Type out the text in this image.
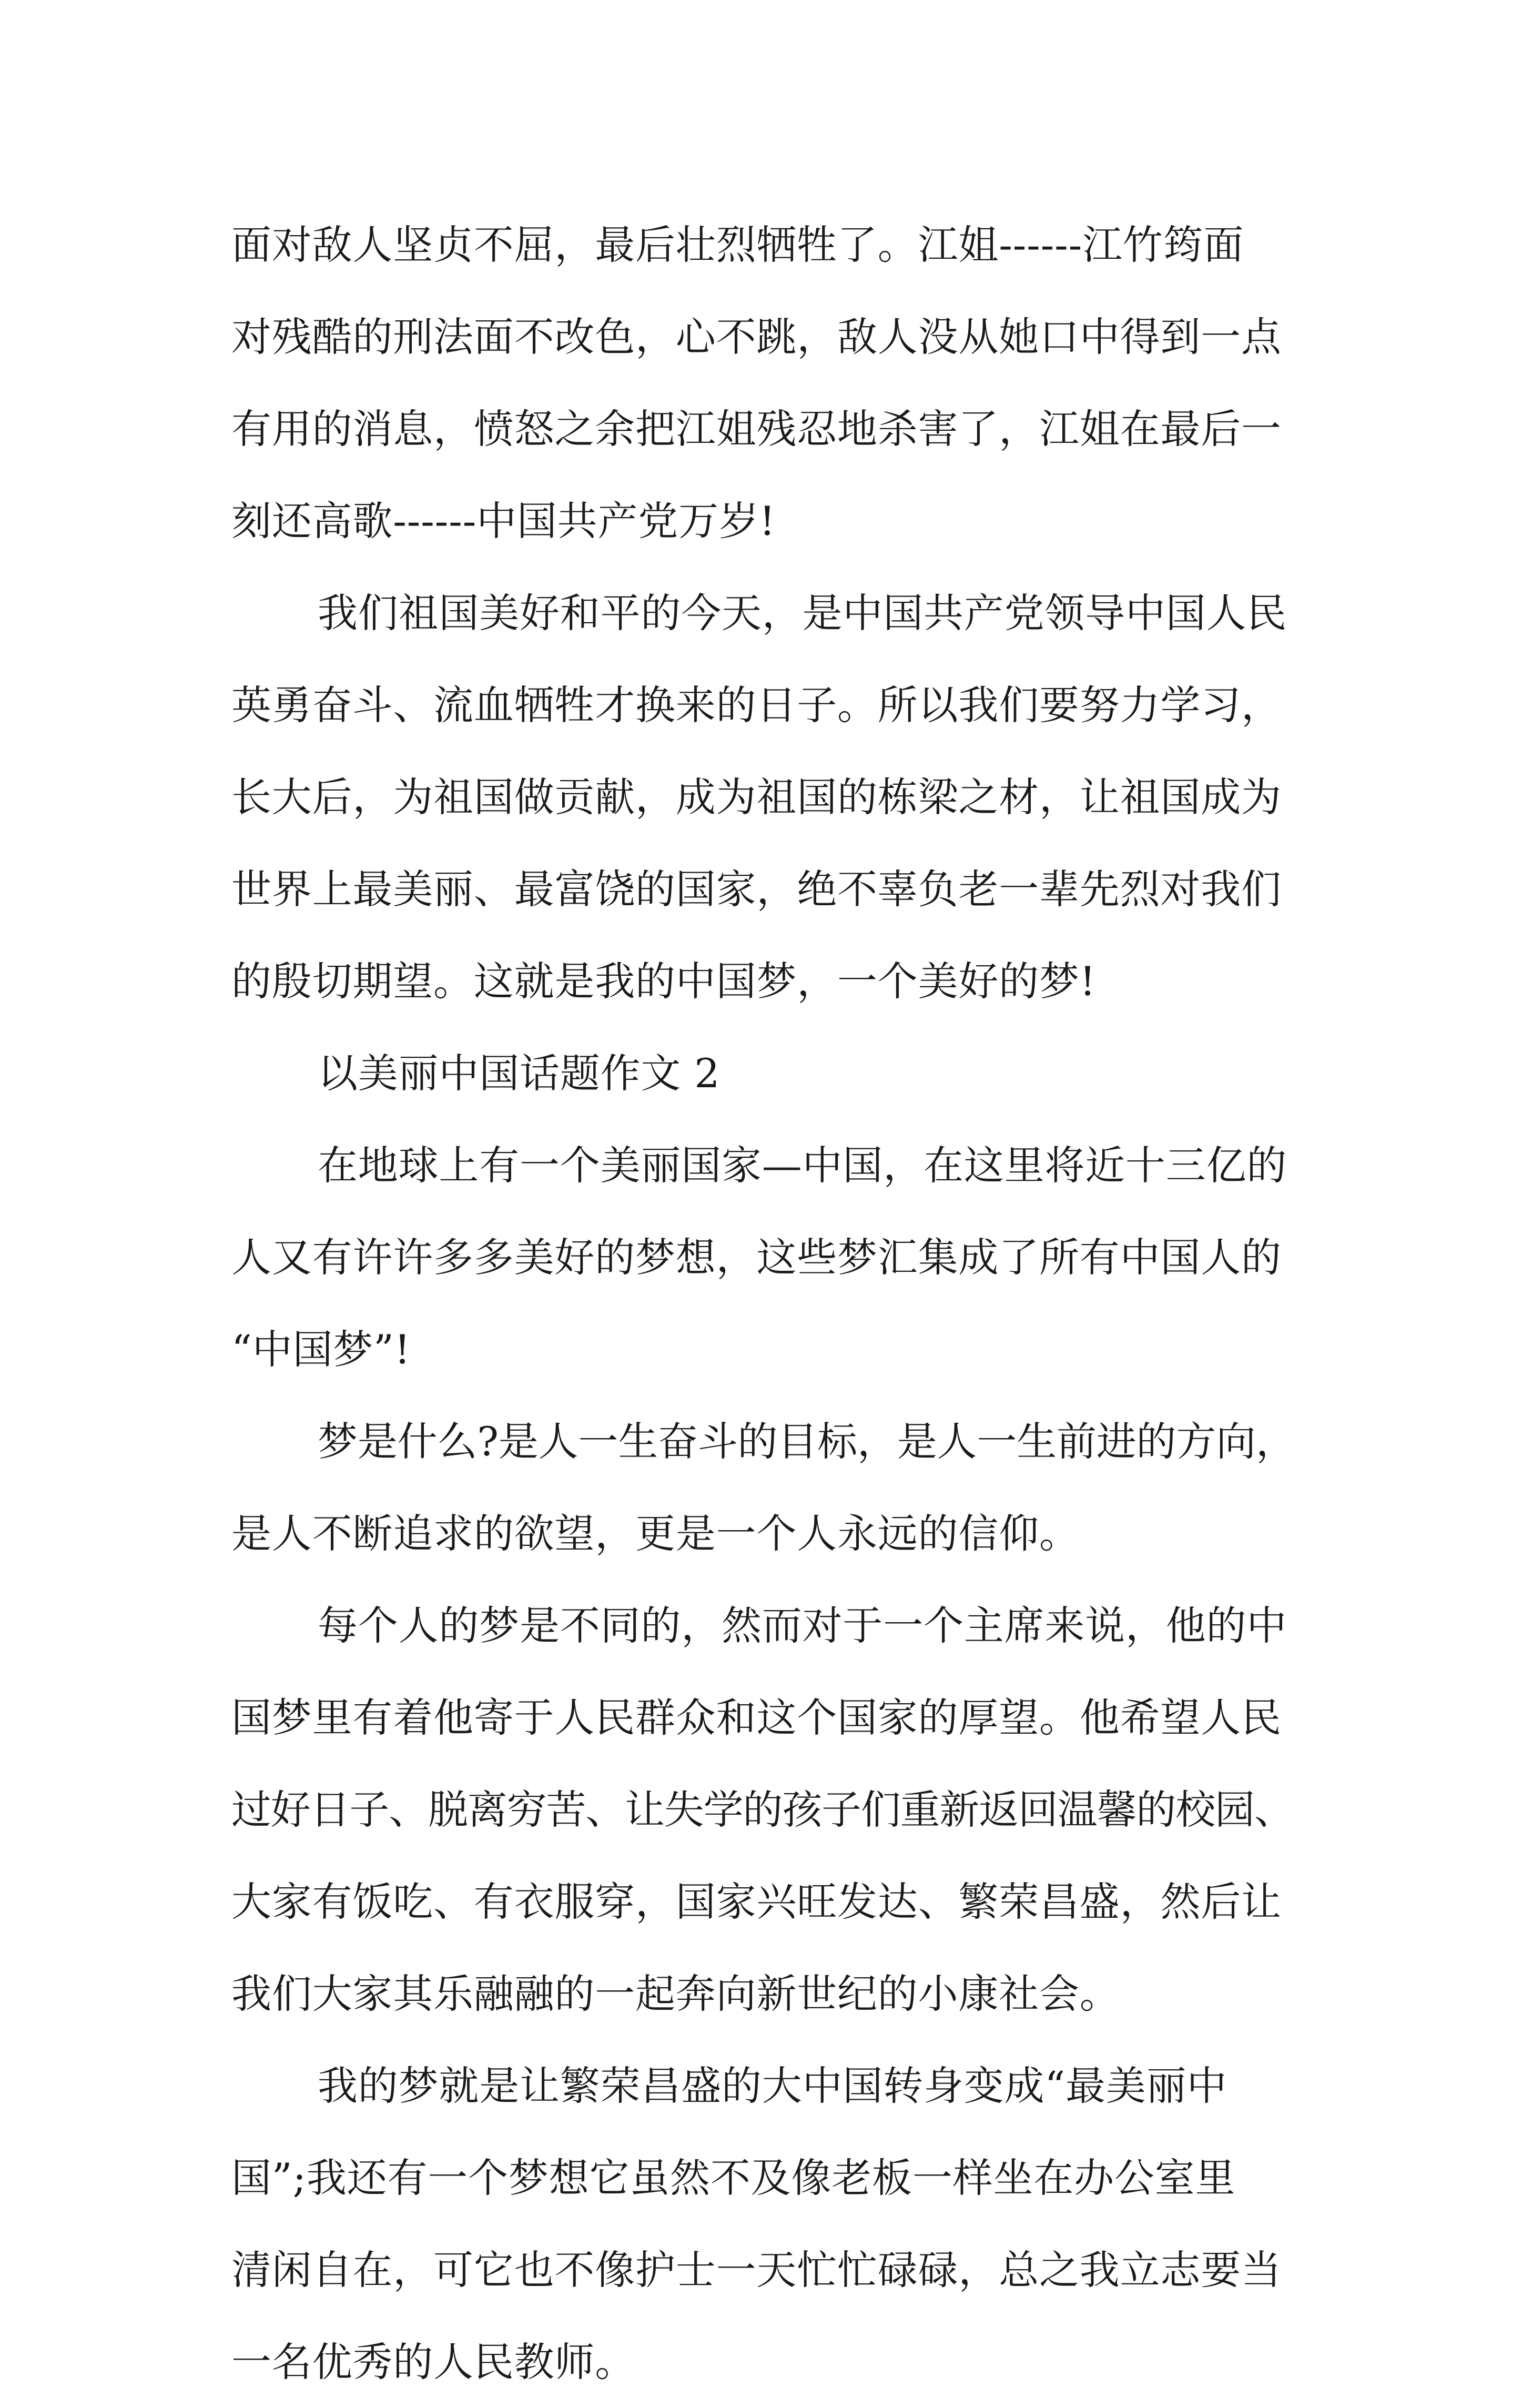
面对敌人坚贞不屈，最后壮烈牺牲了。江姐------江竹筠面
对残酷的刑法面不改色，心不跳，敌人没从她口中得到一点
有用的消息，愤怒之余把江姐残忍地杀害了，江姐在最后一
刻还高歌------中国共产党万岁!
我们祖国美好和平的今天，是中国共产党领导中国人民
英勇奋斗、流血牺牲才换来的日子。所以我们要努力学习，
长大后，为祖国做贡献，成为祖国的栋梁之材，让祖国成为
世界上最美丽、最富饶的国家，绝不辜负老一辈先烈对我们
的殷切期望。这就是我的中国梦，一个美好的梦!
以美丽中国话题作文 2
在地球上有一个美丽国家—中国，在这里将近十三亿的
人又有许许多多美好的梦想，这些梦汇集成了所有中国人的
“中国梦”!
梦是什么?是人一生奋斗的目标，是人一生前进的方向，
是人不断追求的欲望，更是一个人永远的信仰。
每个人的梦是不同的，然而对于一个主席来说，他的中
国梦里有着他寄于人民群众和这个国家的厚望。他希望人民
过好日子、脱离穷苦、让失学的孩子们重新返回温馨的校园、
大家有饭吃、有衣服穿，国家兴旺发达、繁荣昌盛，然后让
我们大家其乐融融的一起奔向新世纪的小康社会。
我的梦就是让繁荣昌盛的大中国转身变成“最美丽中
国”;我还有一个梦想它虽然不及像老板一样坐在办公室里
清闲自在，可它也不像护士一天忙忙碌碌，总之我立志要当
一名优秀的人民教师。
